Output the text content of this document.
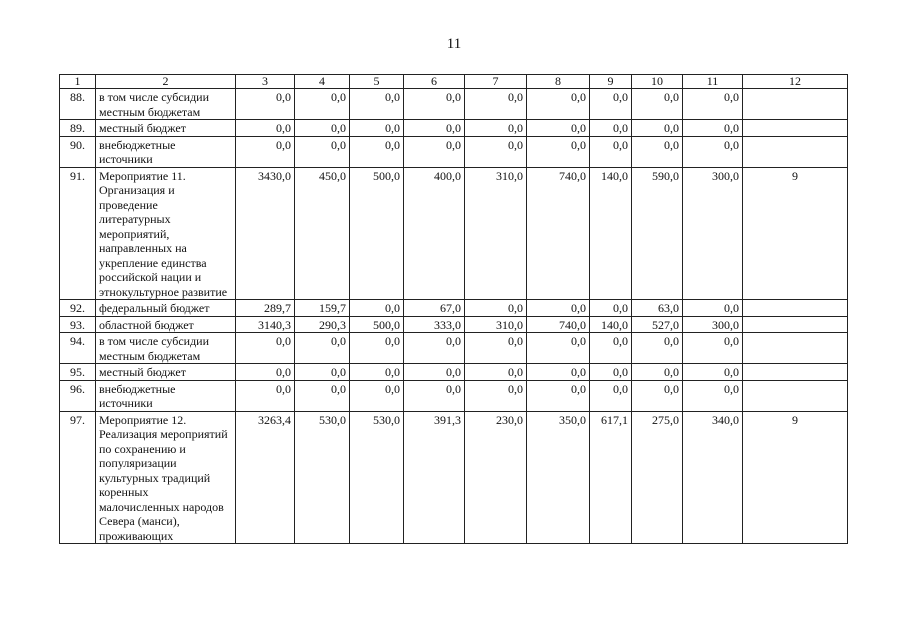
11
1	2	3	4	5	6	7	8	9	10	11	12
88.	в том числе субсидии местным бюджетам	0,0	0,0	0,0	0,0	0,0	0,0	0,0	0,0	0,0	
89.	местный бюджет	0,0	0,0	0,0	0,0	0,0	0,0	0,0	0,0	0,0	
90.	внебюджетные источники	0,0	0,0	0,0	0,0	0,0	0,0	0,0	0,0	0,0	
91.	Мероприятие 11. Организация и проведение литературных мероприятий, направленных на укрепление единства российской нации и этнокультурное развитие	3430,0	450,0	500,0	400,0	310,0	740,0	140,0	590,0	300,0	9
92.	федеральный бюджет	289,7	159,7	0,0	67,0	0,0	0,0	0,0	63,0	0,0	
93.	областной бюджет	3140,3	290,3	500,0	333,0	310,0	740,0	140,0	527,0	300,0	
94.	в том числе субсидии местным бюджетам	0,0	0,0	0,0	0,0	0,0	0,0	0,0	0,0	0,0	
95.	местный бюджет	0,0	0,0	0,0	0,0	0,0	0,0	0,0	0,0	0,0	
96.	внебюджетные источники	0,0	0,0	0,0	0,0	0,0	0,0	0,0	0,0	0,0	
97.	Мероприятие 12. Реализация мероприятий по сохранению и популяризации культурных традиций коренных малочисленных народов Севера (манси), проживающих	3263,4	530,0	530,0	391,3	230,0	350,0	617,1	275,0	340,0	9
